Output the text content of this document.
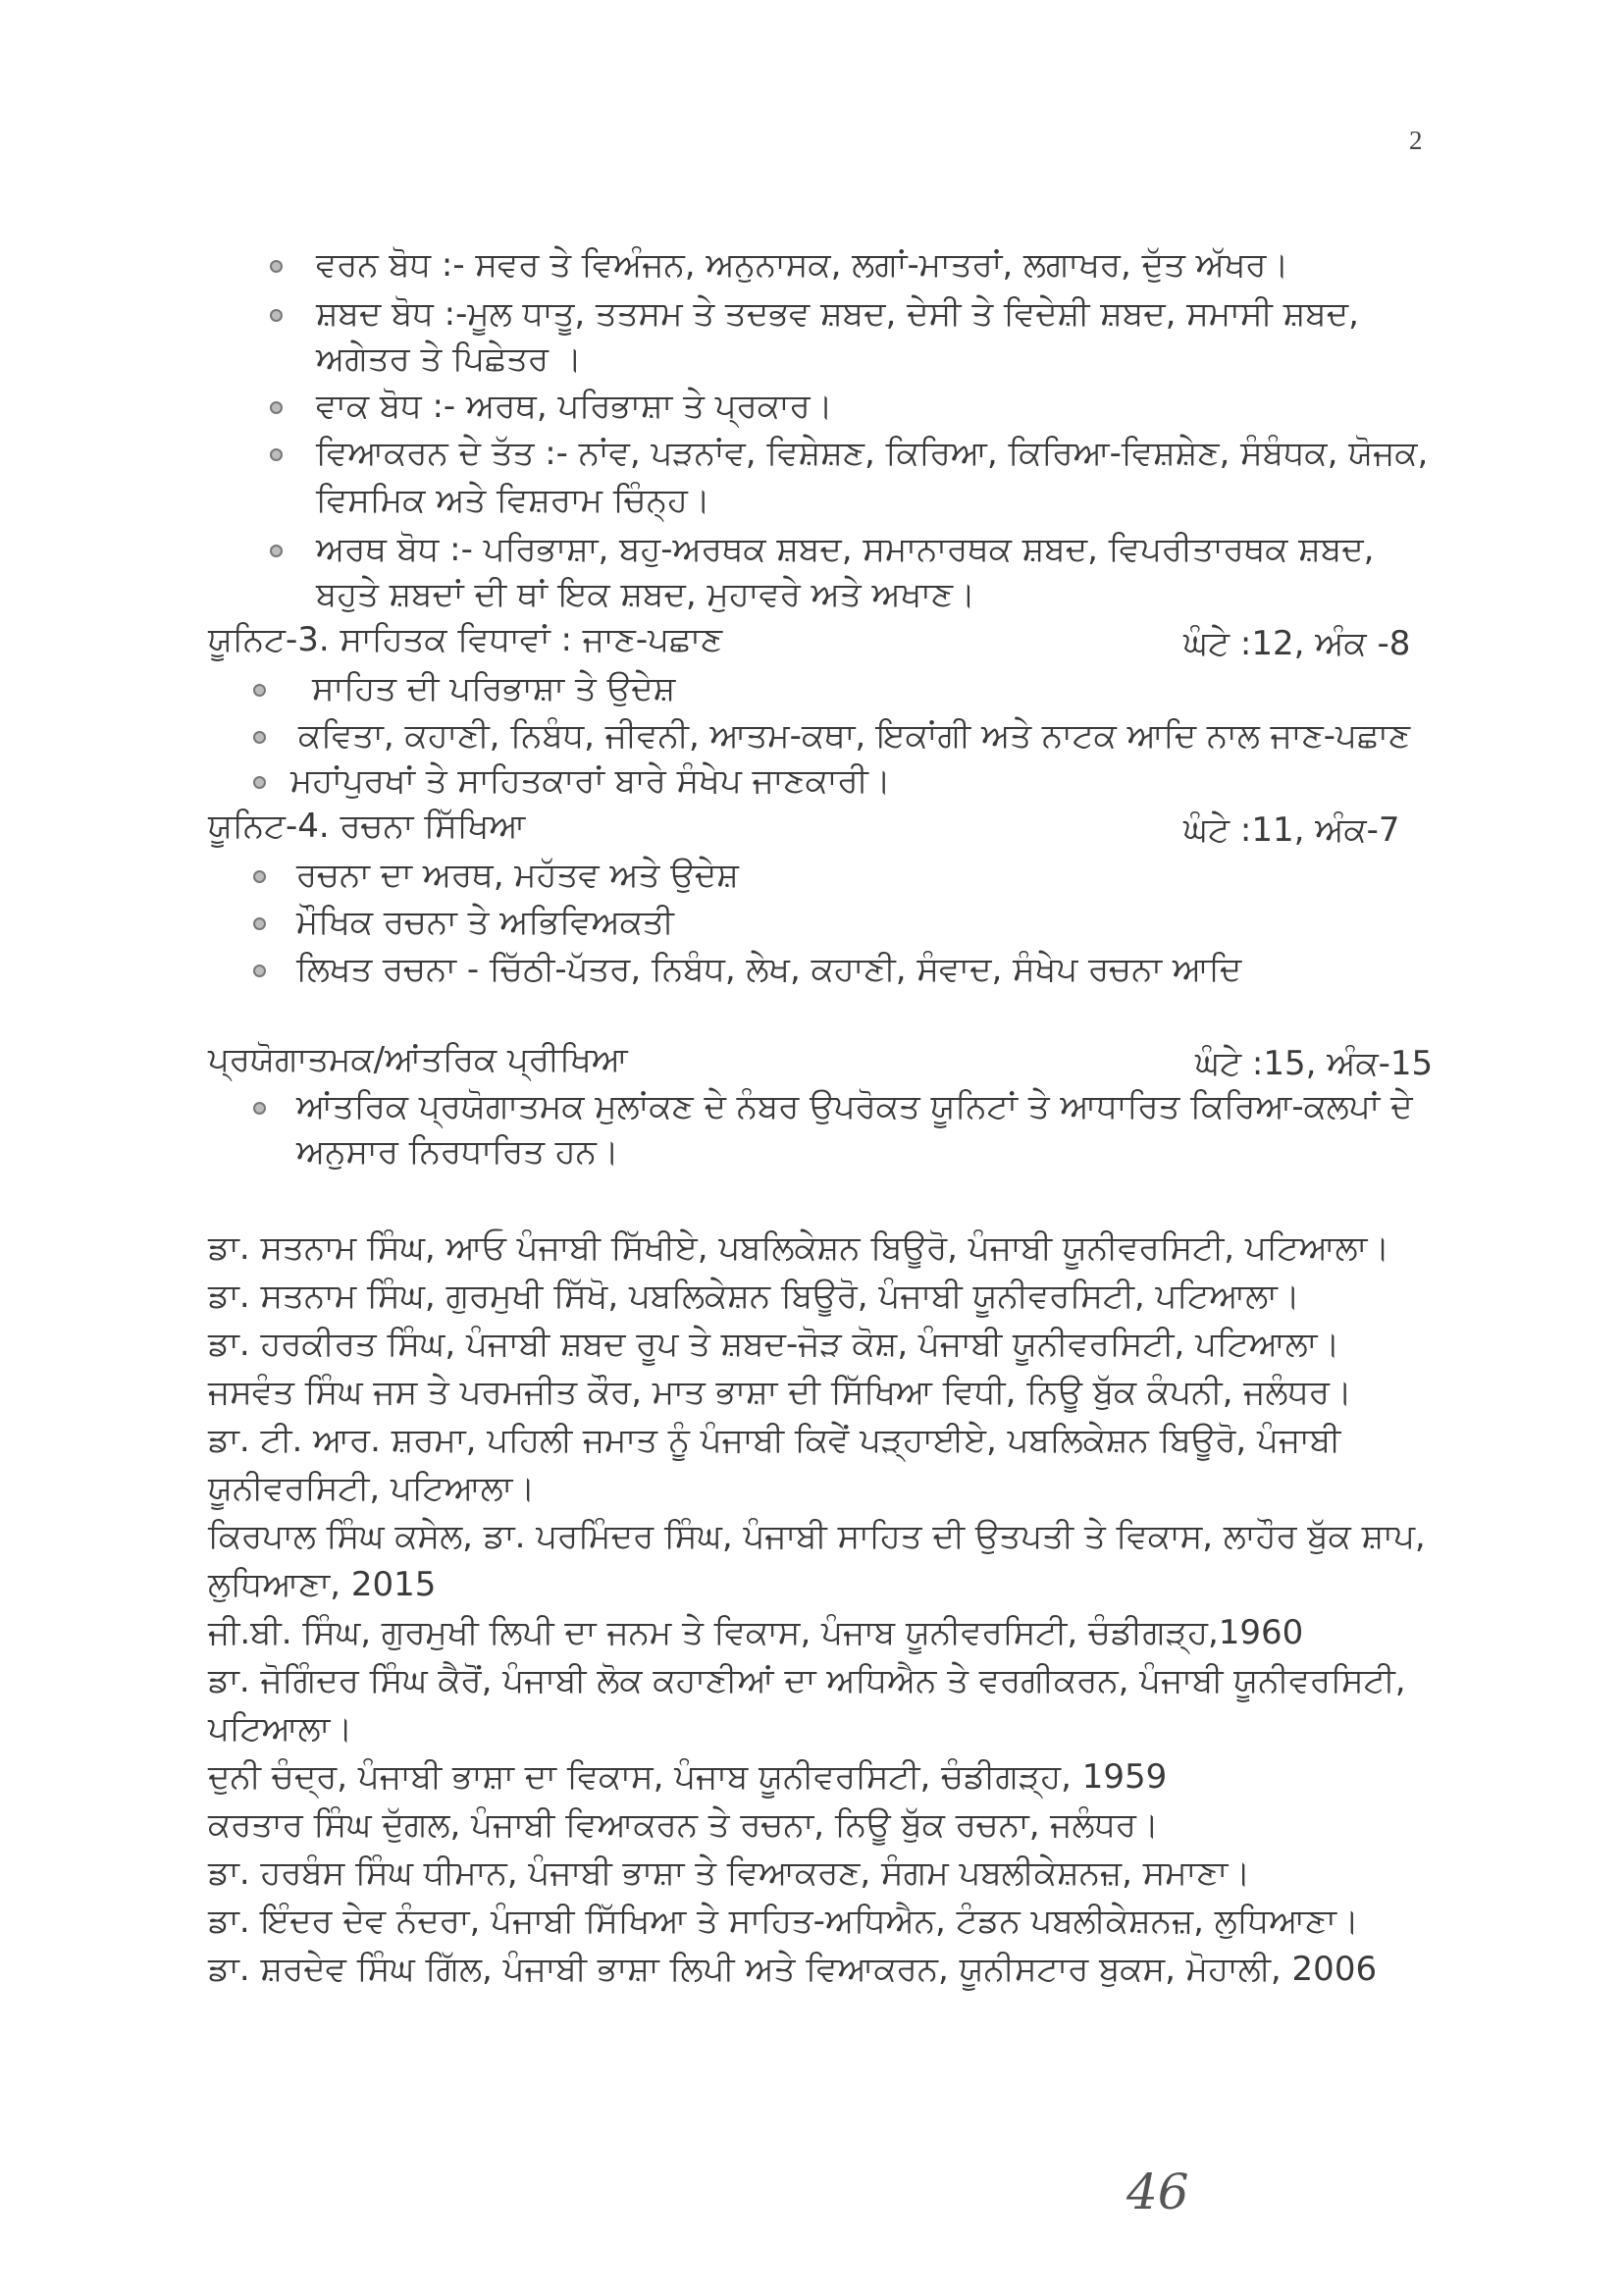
2
ਵਰਨ ਬੋਧ :- ਸਵਰ ਤੇ ਵਿਅੰਜਨ, ਅਨੁਨਾਸਕ, ਲਗਾਂ-ਮਾਤਰਾਂ, ਲਗਾਖਰ, ਦੁੱਤ ਅੱਖਰ।
ਸ਼ਬਦ ਬੋਧ :-ਮੂਲ ਧਾਤੂ, ਤਤਸਮ ਤੇ ਤਦਭਵ ਸ਼ਬਦ, ਦੇਸੀ ਤੇ ਵਿਦੇਸ਼ੀ ਸ਼ਬਦ, ਸਮਾਸੀ ਸ਼ਬਦ,
ਅਗੇਤਰ ਤੇ ਪਿਛੇਤਰ ।
ਵਾਕ ਬੋਧ :- ਅਰਥ, ਪਰਿਭਾਸ਼ਾ ਤੇ ਪ੍ਰਕਾਰ।
ਵਿਆਕਰਨ ਦੇ ਤੱਤ :- ਨਾਂਵ, ਪੜਨਾਂਵ, ਵਿਸ਼ੇਸ਼ਣ, ਕਿਰਿਆ, ਕਿਰਿਆ-ਵਿਸ਼ਸ਼ੇਣ, ਸੰਬੰਧਕ, ਯੋਜਕ,
ਵਿਸਮਿਕ ਅਤੇ ਵਿਸ਼ਰਾਮ ਚਿੰਨ੍ਹ।
ਅਰਥ ਬੋਧ :- ਪਰਿਭਾਸ਼ਾ, ਬਹੁ-ਅਰਥਕ ਸ਼ਬਦ, ਸਮਾਨਾਰਥਕ ਸ਼ਬਦ, ਵਿਪਰੀਤਾਰਥਕ ਸ਼ਬਦ,
ਬਹੁਤੇ ਸ਼ਬਦਾਂ ਦੀ ਥਾਂ ਇਕ ਸ਼ਬਦ, ਮੁਹਾਵਰੇ ਅਤੇ ਅਖਾਣ।
ਯੂਨਿਟ-3. ਸਾਹਿਤਕ ਵਿਧਾਵਾਂ : ਜਾਣ-ਪਛਾਣ	ਘੰਟੇ :12, ਅੰਕ -8
ਸਾਹਿਤ ਦੀ ਪਰਿਭਾਸ਼ਾ ਤੇ ਉਦੇਸ਼
ਕਵਿਤਾ, ਕਹਾਣੀ, ਨਿਬੰਧ, ਜੀਵਨੀ, ਆਤਮ-ਕਥਾ, ਇਕਾਂਗੀ ਅਤੇ ਨਾਟਕ ਆਦਿ ਨਾਲ ਜਾਣ-ਪਛਾਣ
ਮਹਾਂਪੁਰਖਾਂ ਤੇ ਸਾਹਿਤਕਾਰਾਂ ਬਾਰੇ ਸੰਖੇਪ ਜਾਣਕਾਰੀ।
ਯੂਨਿਟ-4. ਰਚਨਾ ਸਿੱਖਿਆ	ਘੰਟੇ :11, ਅੰਕ-7
ਰਚਨਾ ਦਾ ਅਰਥ, ਮਹੱਤਵ ਅਤੇ ਉਦੇਸ਼
ਮੌਖਿਕ ਰਚਨਾ ਤੇ ਅਭਿਵਿਅਕਤੀ
ਲਿਖਤ ਰਚਨਾ - ਚਿੱਠੀ-ਪੱਤਰ, ਨਿਬੰਧ, ਲੇਖ, ਕਹਾਣੀ, ਸੰਵਾਦ, ਸੰਖੇਪ ਰਚਨਾ ਆਦਿ
ਪ੍ਰਯੋਗਾਤਮਕ/ਆਂਤਰਿਕ ਪ੍ਰੀਖਿਆ	ਘੰਟੇ :15, ਅੰਕ-15
ਆਂਤਰਿਕ ਪ੍ਰਯੋਗਾਤਮਕ ਮੁਲਾਂਕਣ ਦੇ ਨੰਬਰ ਉਪਰੋਕਤ ਯੂਨਿਟਾਂ ਤੇ ਆਧਾਰਿਤ ਕਿਰਿਆ-ਕਲਪਾਂ ਦੇ
ਅਨੁਸਾਰ ਨਿਰਧਾਰਿਤ ਹਨ।
ਡਾ. ਸਤਨਾਮ ਸਿੰਘ, ਆਓ ਪੰਜਾਬੀ ਸਿੱਖੀਏ, ਪਬਲਿਕੇਸ਼ਨ ਬਿਊਰੋ, ਪੰਜਾਬੀ ਯੂਨੀਵਰਸਿਟੀ, ਪਟਿਆਲਾ।
ਡਾ. ਸਤਨਾਮ ਸਿੰਘ, ਗੁਰਮੁਖੀ ਸਿੱਖੋ, ਪਬਲਿਕੇਸ਼ਨ ਬਿਊਰੋ, ਪੰਜਾਬੀ ਯੂਨੀਵਰਸਿਟੀ, ਪਟਿਆਲਾ।
ਡਾ. ਹਰਕੀਰਤ ਸਿੰਘ, ਪੰਜਾਬੀ ਸ਼ਬਦ ਰੂਪ ਤੇ ਸ਼ਬਦ-ਜੋੜ ਕੋਸ਼, ਪੰਜਾਬੀ ਯੂਨੀਵਰਸਿਟੀ, ਪਟਿਆਲਾ।
ਜਸਵੰਤ ਸਿੰਘ ਜਸ ਤੇ ਪਰਮਜੀਤ ਕੌਰ, ਮਾਤ ਭਾਸ਼ਾ ਦੀ ਸਿੱਖਿਆ ਵਿਧੀ, ਨਿਊ ਬੁੱਕ ਕੰਪਨੀ, ਜਲੰਧਰ।
ਡਾ. ਟੀ. ਆਰ. ਸ਼ਰਮਾ, ਪਹਿਲੀ ਜਮਾਤ ਨੂੰ ਪੰਜਾਬੀ ਕਿਵੇਂ ਪੜ੍ਹਾਈਏ, ਪਬਲਿਕੇਸ਼ਨ ਬਿਊਰੋ, ਪੰਜਾਬੀ
ਯੂਨੀਵਰਸਿਟੀ, ਪਟਿਆਲਾ।
ਕਿਰਪਾਲ ਸਿੰਘ ਕਸੇਲ, ਡਾ. ਪਰਮਿੰਦਰ ਸਿੰਘ, ਪੰਜਾਬੀ ਸਾਹਿਤ ਦੀ ਉਤਪਤੀ ਤੇ ਵਿਕਾਸ, ਲਾਹੌਰ ਬੁੱਕ ਸ਼ਾਪ,
ਲੁਧਿਆਣਾ, 2015
ਜੀ.ਬੀ. ਸਿੰਘ, ਗੁਰਮੁਖੀ ਲਿਪੀ ਦਾ ਜਨਮ ਤੇ ਵਿਕਾਸ, ਪੰਜਾਬ ਯੂਨੀਵਰਸਿਟੀ, ਚੰਡੀਗੜ੍ਹ,1960
ਡਾ. ਜੋਗਿੰਦਰ ਸਿੰਘ ਕੈਰੋਂ, ਪੰਜਾਬੀ ਲੋਕ ਕਹਾਣੀਆਂ ਦਾ ਅਧਿਐਨ ਤੇ ਵਰਗੀਕਰਨ, ਪੰਜਾਬੀ ਯੂਨੀਵਰਸਿਟੀ,
ਪਟਿਆਲਾ।
ਦੁਨੀ ਚੰਦ੍ਰ, ਪੰਜਾਬੀ ਭਾਸ਼ਾ ਦਾ ਵਿਕਾਸ, ਪੰਜਾਬ ਯੂਨੀਵਰਸਿਟੀ, ਚੰਡੀਗੜ੍ਹ, 1959
ਕਰਤਾਰ ਸਿੰਘ ਦੁੱਗਲ, ਪੰਜਾਬੀ ਵਿਆਕਰਨ ਤੇ ਰਚਨਾ, ਨਿਊ ਬੁੱਕ ਰਚਨਾ, ਜਲੰਧਰ।
ਡਾ. ਹਰਬੰਸ ਸਿੰਘ ਧੀਮਾਨ, ਪੰਜਾਬੀ ਭਾਸ਼ਾ ਤੇ ਵਿਆਕਰਣ, ਸੰਗਮ ਪਬਲੀਕੇਸ਼ਨਜ਼, ਸਮਾਣਾ।
ਡਾ. ਇੰਦਰ ਦੇਵ ਨੰਦਰਾ, ਪੰਜਾਬੀ ਸਿੱਖਿਆ ਤੇ ਸਾਹਿਤ-ਅਧਿਐਨ, ਟੰਡਨ ਪਬਲੀਕੇਸ਼ਨਜ਼, ਲੁਧਿਆਣਾ।
ਡਾ. ਸ਼ਰਦੇਵ ਸਿੰਘ ਗਿੱਲ, ਪੰਜਾਬੀ ਭਾਸ਼ਾ ਲਿਪੀ ਅਤੇ ਵਿਆਕਰਨ, ਯੂਨੀਸਟਾਰ ਬੁਕਸ, ਮੋਹਾਲੀ, 2006
46
